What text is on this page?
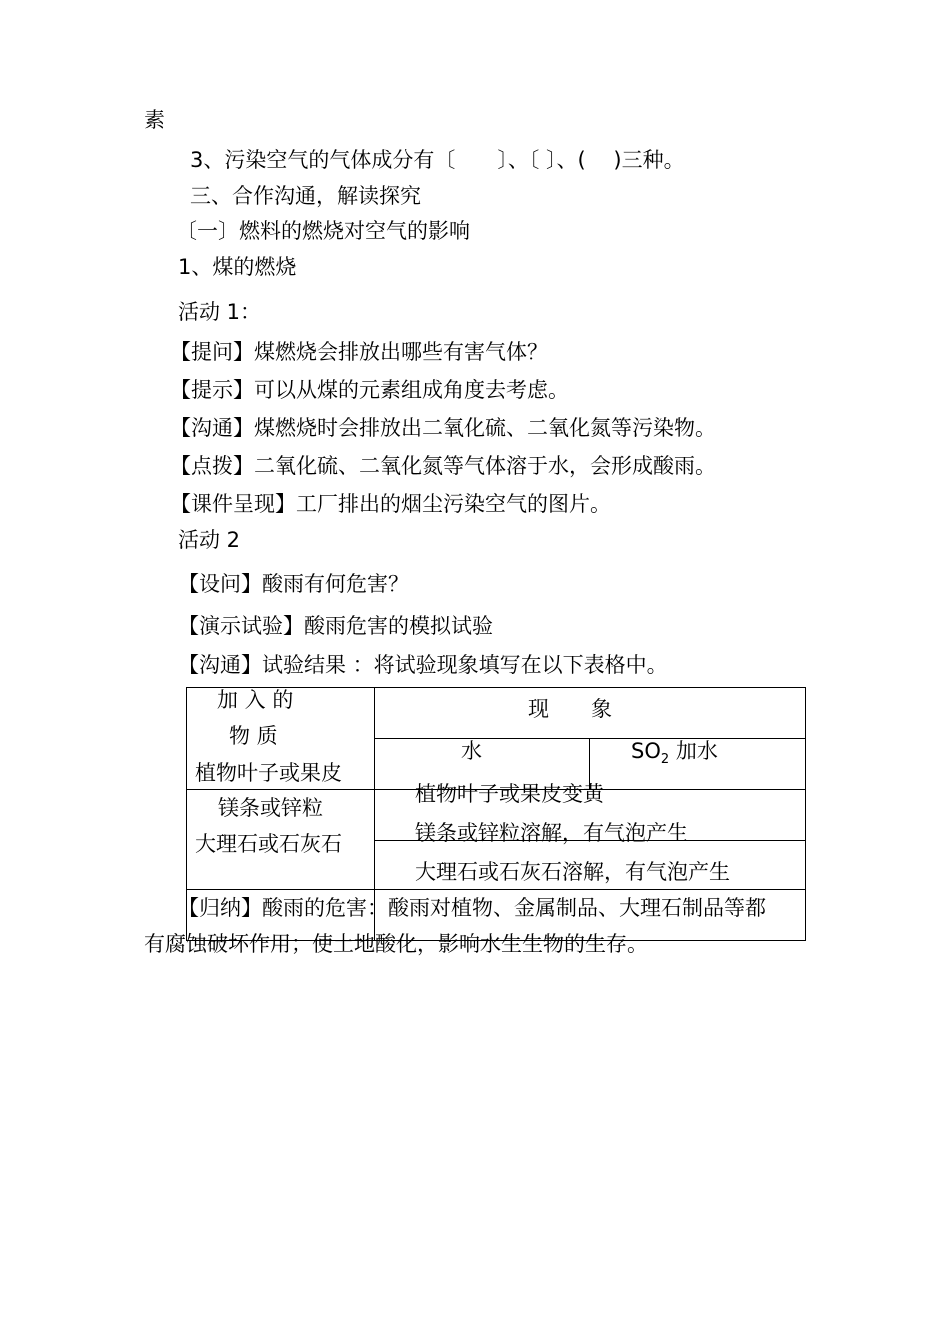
素
3、污染空气的气体成分有〔　　〕、〔 〕、(　 )三种。
三、合作沟通，解读探究
〔一〕燃料的燃烧对空气的影响
1、煤的燃烧
活动 1：
【提问】煤燃烧会排放出哪些有害气体？
【提示】可以从煤的元素组成角度去考虑。
【沟通】煤燃烧时会排放出二氧化硫、二氧化氮等污染物。
【点拨】二氧化硫、二氧化氮等气体溶于水，会形成酸雨。
【课件呈现】工厂排出的烟尘污染空气的图片。
活动 2
【设问】酸雨有何危害？
【演示试验】酸雨危害的模拟试验
【沟通】试验结果 ：将试验现象填写在以下表格中。
加 入 的
物 质
植物叶子或果皮
镁条或锌粒
大理石或石灰石
现　　象
水	$SO_2$ 加水
植物叶子或果皮变黄
镁条或锌粒溶解，有气泡产生
大理石或石灰石溶解，有气泡产生
【归纳】酸雨的危害：酸雨对植物、金属制品、大理石制品等都
有腐蚀破坏作用；使土地酸化，影响水生生物的生存。
